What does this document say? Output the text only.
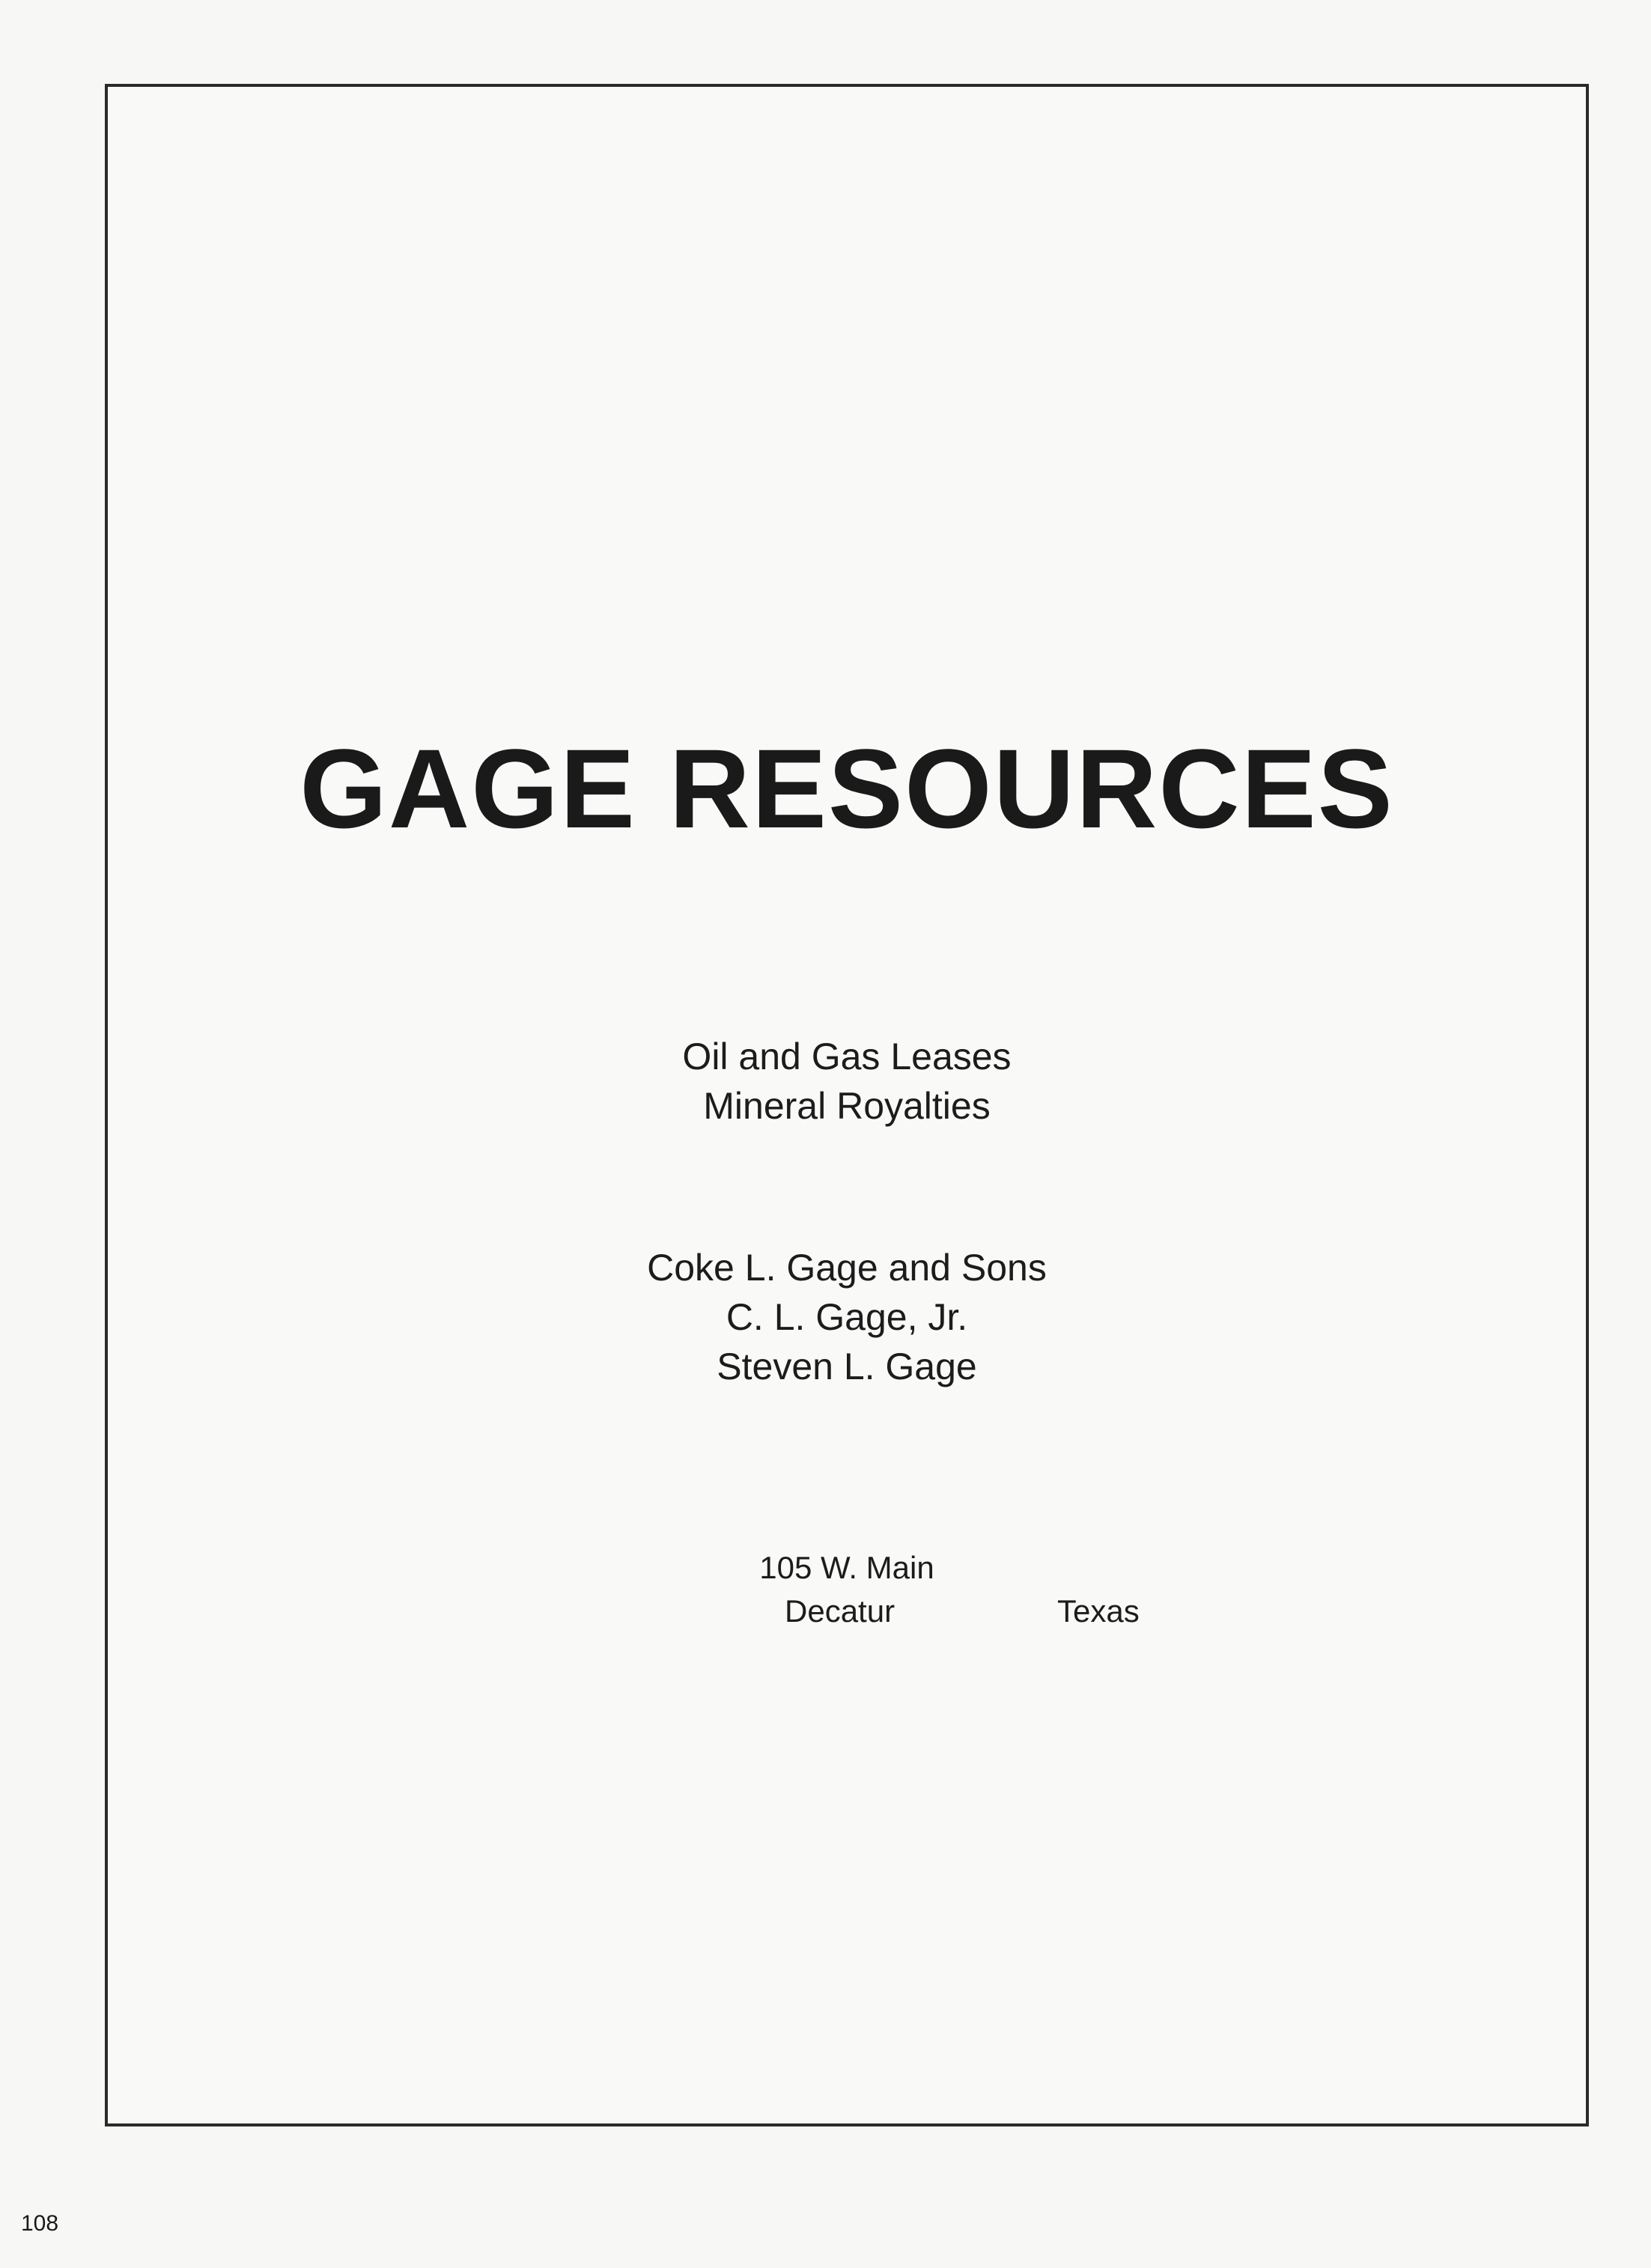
GAGE RESOURCES
Oil and Gas Leases
Mineral Royalties
Coke L. Gage and Sons
C. L. Gage, Jr.
Steven L. Gage
105 W. Main
Decatur	Texas
108
